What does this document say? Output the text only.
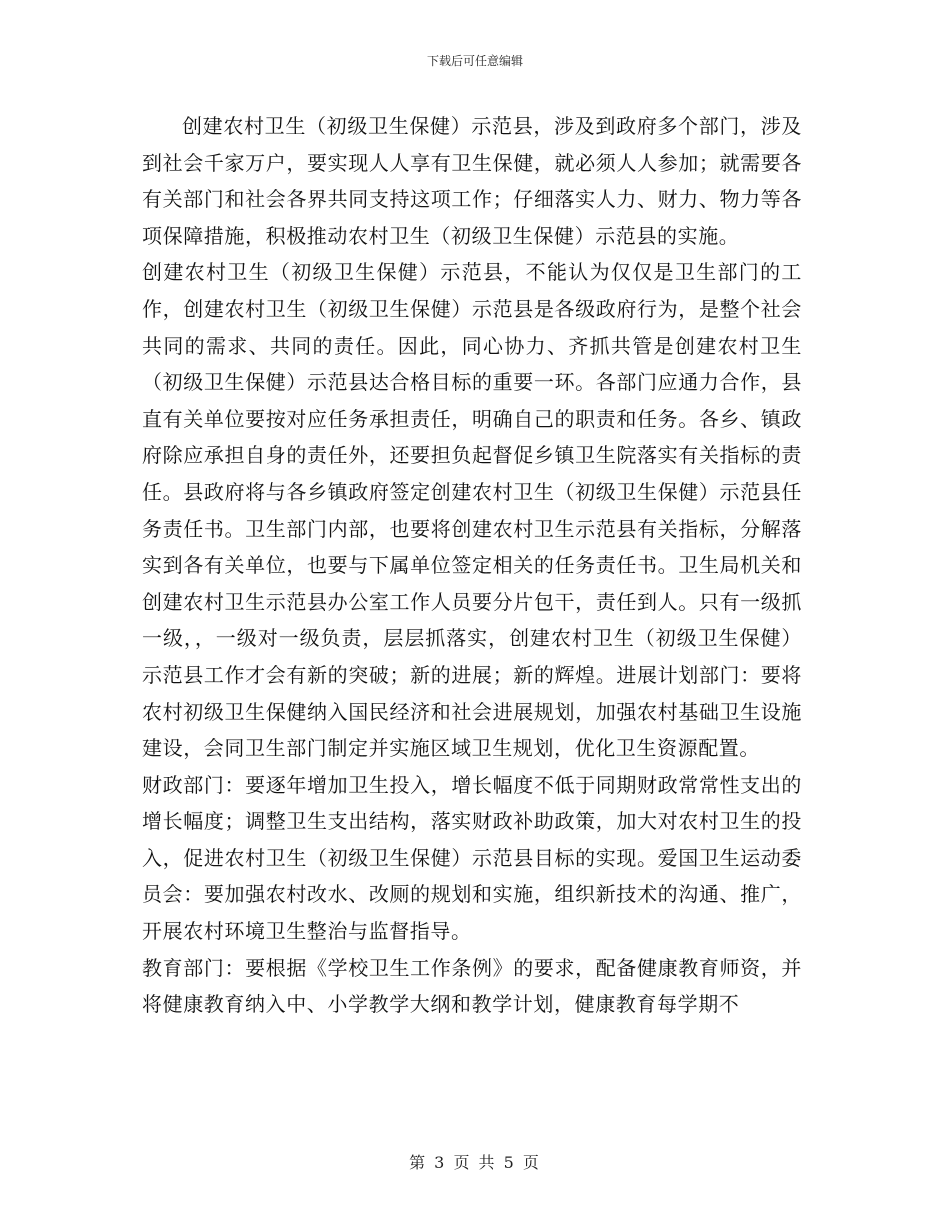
下载后可任意编辑

创建农村卫生（初级卫生保健）示范县，涉及到政府多个部门，涉及到社会千家万户，要实现人人享有卫生保健，就必须人人参加；就需要各有关部门和社会各界共同支持这项工作；仔细落实人力、财力、物力等各项保障措施，积极推动农村卫生（初级卫生保健）示范县的实施。

创建农村卫生（初级卫生保健）示范县，不能认为仅仅是卫生部门的工作，创建农村卫生（初级卫生保健）示范县是各级政府行为，是整个社会共同的需求、共同的责任。因此，同心协力、齐抓共管是创建农村卫生（初级卫生保健）示范县达合格目标的重要一环。各部门应通力合作，县直有关单位要按对应任务承担责任，明确自己的职责和任务。各乡、镇政府除应承担自身的责任外，还要担负起督促乡镇卫生院落实有关指标的责任。县政府将与各乡镇政府签定创建农村卫生（初级卫生保健）示范县任务责任书。卫生部门内部，也要将创建农村卫生示范县有关指标，分解落实到各有关单位，也要与下属单位签定相关的任务责任书。卫生局机关和创建农村卫生示范县办公室工作人员要分片包干，责任到人。只有一级抓一级，，一级对一级负责，层层抓落实，创建农村卫生（初级卫生保健）示范县工作才会有新的突破；新的进展；新的辉煌。进展计划部门：要将农村初级卫生保健纳入国民经济和社会进展规划，加强农村基础卫生设施建设，会同卫生部门制定并实施区域卫生规划，优化卫生资源配置。

财政部门：要逐年增加卫生投入，增长幅度不低于同期财政常常性支出的增长幅度；调整卫生支出结构，落实财政补助政策，加大对农村卫生的投入，促进农村卫生（初级卫生保健）示范县目标的实现。爱国卫生运动委员会：要加强农村改水、改厕的规划和实施，组织新技术的沟通、推广，开展农村环境卫生整治与监督指导。

教育部门：要根据《学校卫生工作条例》的要求，配备健康教育师资，并将健康教育纳入中、小学教学大纲和教学计划，健康教育每学期不

第 3 页 共 5 页
